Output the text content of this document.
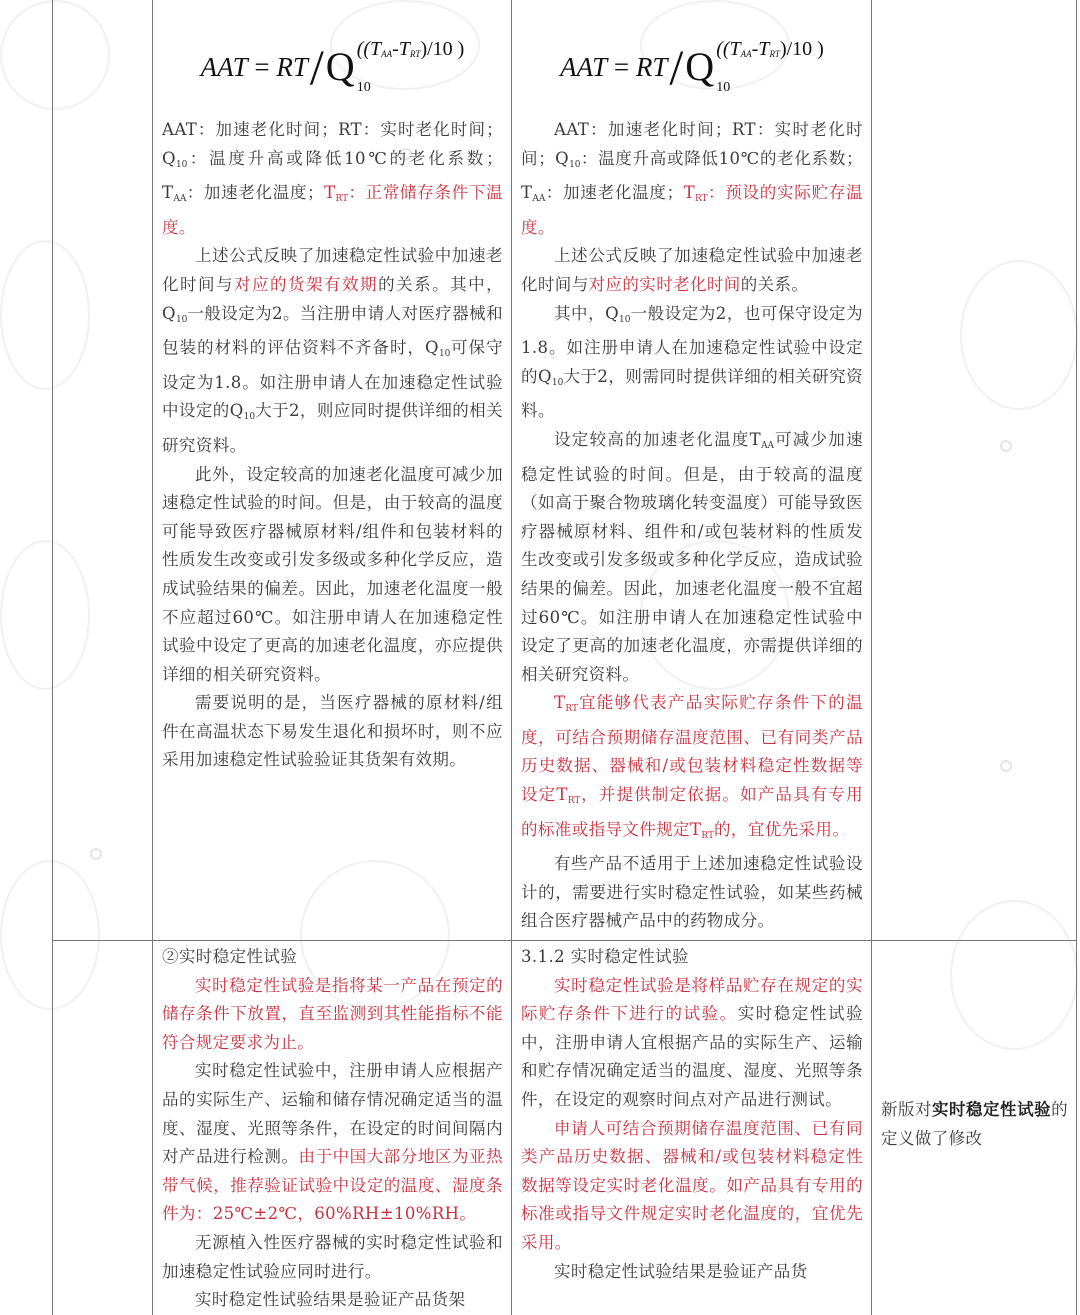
AAT = RT / Q ((TAA-TRT)/10 )
10

AAT：加速老化时间；RT：实时老化时间；$Q_{10}$：温度升高或降低10℃的老化系数；$T_{AA}$：加速老化温度；$T_{RT}$：正常储存条件下温度。

上述公式反映了加速稳定性试验中加速老化时间与对应的货架有效期的关系。其中，$Q_{10}$一般设定为2。当注册申请人对医疗器械和包装的材料的评估资料不齐备时，$Q_{10}$可保守设定为1.8。如注册申请人在加速稳定性试验中设定的$Q_{10}$大于2，则应同时提供详细的相关研究资料。

此外，设定较高的加速老化温度可减少加速稳定性试验的时间。但是，由于较高的温度可能导致医疗器械原材料/组件和包装材料的性质发生改变或引发多级或多种化学反应，造成试验结果的偏差。因此，加速老化温度一般不应超过60℃。如注册申请人在加速稳定性试验中设定了更高的加速老化温度，亦应提供详细的相关研究资料。

需要说明的是，当医疗器械的原材料/组件在高温状态下易发生退化和损坏时，则不应采用加速稳定性试验验证其货架有效期。

AAT = RT / Q ((TAA-TRT)/10 )
10

AAT：加速老化时间；RT：实时老化时间；$Q_{10}$：温度升高或降低10℃的老化系数；$T_{AA}$：加速老化温度；$T_{RT}$：预设的实际贮存温度。

上述公式反映了加速稳定性试验中加速老化时间与对应的实时老化时间的关系。

其中，$Q_{10}$一般设定为2，也可保守设定为1.8。如注册申请人在加速稳定性试验中设定的$Q_{10}$大于2，则需同时提供详细的相关研究资料。

设定较高的加速老化温度$T_{AA}$可减少加速稳定性试验的时间。但是，由于较高的温度（如高于聚合物玻璃化转变温度）可能导致医疗器械原材料、组件和/或包装材料的性质发生改变或引发多级或多种化学反应，造成试验结果的偏差。因此，加速老化温度一般不宜超过60℃。如注册申请人在加速稳定性试验中设定了更高的加速老化温度，亦需提供详细的相关研究资料。

$T_{RT}$宜能够代表产品实际贮存条件下的温度，可结合预期储存温度范围、已有同类产品历史数据、器械和/或包装材料稳定性数据等设定$T_{RT}$，并提供制定依据。如产品具有专用的标准或指导文件规定$T_{RT}$的，宜优先采用。

有些产品不适用于上述加速稳定性试验设计的，需要进行实时稳定性试验，如某些药械组合医疗器械产品中的药物成分。

②实时稳定性试验

实时稳定性试验是指将某一产品在预定的储存条件下放置，直至监测到其性能指标不能符合规定要求为止。

实时稳定性试验中，注册申请人应根据产品的实际生产、运输和储存情况确定适当的温度、湿度、光照等条件，在设定的时间间隔内对产品进行检测。由于中国大部分地区为亚热带气候，推荐验证试验中设定的温度、湿度条件为：25℃±2℃，60%RH±10%RH。

无源植入性医疗器械的实时稳定性试验和加速稳定性试验应同时进行。

实时稳定性试验结果是验证产品货架

3.1.2 实时稳定性试验

实时稳定性试验是将样品贮存在规定的实际贮存条件下进行的试验。实时稳定性试验中，注册申请人宜根据产品的实际生产、运输和贮存情况确定适当的温度、湿度、光照等条件，在设定的观察时间点对产品进行测试。

申请人可结合预期储存温度范围、已有同类产品历史数据、器械和/或包装材料稳定性数据等设定实时老化温度。如产品具有专用的标准或指导文件规定实时老化温度的，宜优先采用。

实时稳定性试验结果是验证产品货

新版对实时稳定性试验的定义做了修改
